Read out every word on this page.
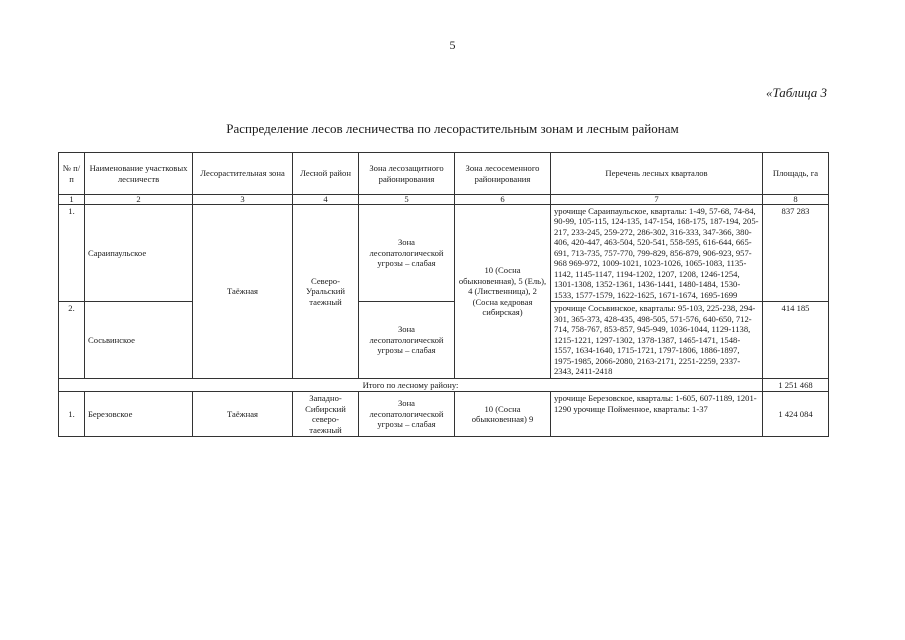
5
«Таблица 3
Распределение лесов лесничества по лесорастительным зонам и лесным районам
№ п/п	Наименование участковых лесничеств	Лесорастительная зона	Лесной район	Зона лесозащитного районирования	Зона лесосеменного районирования	Перечень лесных кварталов	Площадь, га
1	2	3	4	5	6	7	8
1.	Сараипаульское	Таёжная	Северо-Уральский таежный	Зона лесопатологической угрозы – слабая	10 (Сосна обыкновенная), 5 (Ель), 4 (Лиственница), 2 (Сосна кедровая сибирская)	урочище Сараипаульское, кварталы: 1-49, 57-68, 74-84, 90-99, 105-115, 124-135, 147-154, 168-175, 187-194, 205-217, 233-245, 259-272, 286-302, 316-333, 347-366, 380-406, 420-447, 463-504, 520-541, 558-595, 616-644, 665-691, 713-735, 757-770, 799-829, 856-879, 906-923, 957-968 969-972, 1009-1021, 1023-1026, 1065-1083, 1135-1142, 1145-1147, 1194-1202, 1207, 1208, 1246-1254, 1301-1308, 1352-1361, 1436-1441, 1480-1484, 1530-1533, 1577-1579, 1622-1625, 1671-1674, 1695-1699	837 283
2.	Сосьвинское			Зона лесопатологической угрозы – слабая		урочище Сосьвинское, кварталы: 95-103, 225-238, 294-301, 365-373, 428-435, 498-505, 571-576, 640-650, 712-714, 758-767, 853-857, 945-949, 1036-1044, 1129-1138, 1215-1221, 1297-1302, 1378-1387, 1465-1471, 1548-1557, 1634-1640, 1715-1721, 1797-1806, 1886-1897, 1975-1985, 2066-2080, 2163-2171, 2251-2259, 2337-2343, 2411-2418	414 185
Итого по лесному району:							1 251 468
1.	Березовское	Таёжная	Западно-Сибирский северо-таежный	Зона лесопатологической угрозы – слабая	10 (Сосна обыкновенная) 9	урочище Березовское, кварталы: 1-605, 607-1189, 1201-1290 урочище Пойменное, кварталы: 1-37	1 424 084
